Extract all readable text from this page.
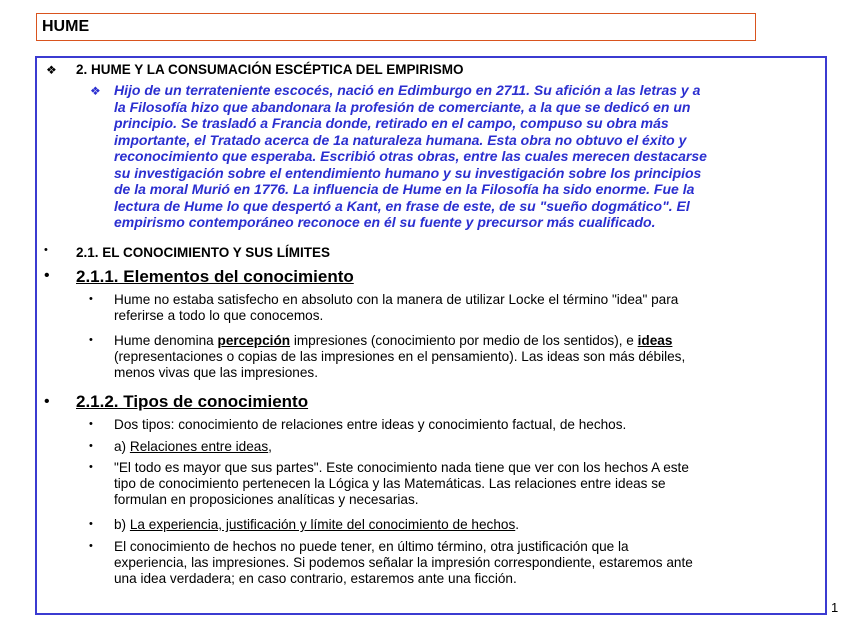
HUME
❖ 2. HUME Y LA CONSUMACIÓN ESCÉPTICA DEL EMPIRISMO
❖ Hijo de un terrateniente escocés, nació en Edimburgo en 2711. Su afición a las letras y a
la Filosofía hizo que abandonara la profesión de comerciante, a la que se dedicó en un
principio. Se trasladó a Francia donde, retirado en el campo, compuso su obra más
importante, el Tratado acerca de 1a naturaleza humana. Esta obra no obtuvo el éxito y
reconocimiento que esperaba. Escribió otras obras, entre las cuales merecen destacarse
su investigación sobre el entendimiento humano y su investigación sobre los principios
de la moral Murió en 1776. La influencia de Hume en la Filosofía ha sido enorme. Fue la
lectura de Hume lo que despertó a Kant, en frase de este, de su "sueño dogmático". El
empirismo contemporáneo reconoce en él su fuente y precursor más cualificado.
• 2.1. EL CONOCIMIENTO Y SUS LÍMITES
• 2.1.1. Elementos del conocimiento
• Hume no estaba satisfecho en absoluto con la manera de utilizar Locke el término "idea" para
referirse a todo lo que conocemos.
• Hume denomina percepción impresiones (conocimiento por medio de los sentidos), e ideas
(representaciones o copias de las impresiones en el pensamiento). Las ideas son más débiles,
menos vivas que las impresiones.
• 2.1.2. Tipos de conocimiento
• Dos tipos: conocimiento de relaciones entre ideas y conocimiento factual, de hechos.
• a) Relaciones entre ideas,
• "El todo es mayor que sus partes". Este conocimiento nada tiene que ver con los hechos A este
tipo de conocimiento pertenecen la Lógica y las Matemáticas. Las relaciones entre ideas se
formulan en proposiciones analíticas y necesarias.
• b) La experiencia, justificación y límite del conocimiento de hechos.
• El conocimiento de hechos no puede tener, en último término, otra justificación que la
experiencia, las impresiones. Si podemos señalar la impresión correspondiente, estaremos ante
una idea verdadera; en caso contrario, estaremos ante una ficción.
1
